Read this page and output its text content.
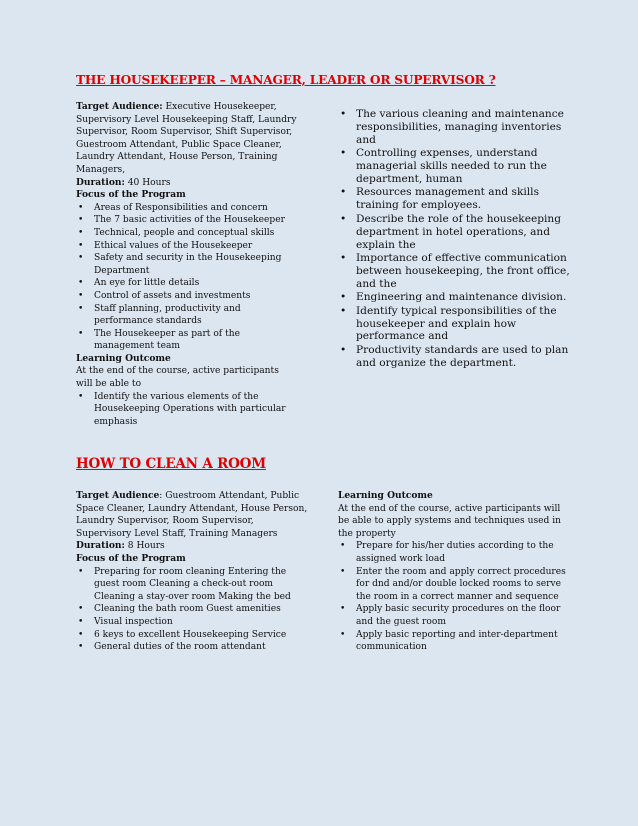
THE HOUSEKEEPER – MANAGER, LEADER OR SUPERVISOR ?

Target Audience: Executive Housekeeper, Supervisory Level Housekeeping Staff, Laundry Supervisor, Room Supervisor, Shift Supervisor, Guestroom Attendant, Public Space Cleaner, Laundry Attendant, House Person, Training Managers,

Duration: 40 Hours

Focus of the Program

• Areas of Responsibilities and concern
• The 7 basic activities of the Housekeeper
• Technical, people and conceptual skills
• Ethical values of the Housekeeper
• Safety and security in the Housekeeping Department
• An eye for little details
• Control of assets and investments
• Staff planning, productivity and performance standards
• The Housekeeper as part of the management team

Learning Outcome

At the end of the course, active participants will be able to

• Identify the various elements of the Housekeeping Operations with particular emphasis
• The various cleaning and maintenance responsibilities, managing inventories and
• Controlling expenses, understand managerial skills needed to run the department, human
• Resources management and skills training for employees.
• Describe the role of the housekeeping department in hotel operations, and explain the
• Importance of effective communication between housekeeping, the front office, and the
• Engineering and maintenance division.
• Identify typical responsibilities of the housekeeper and explain how performance and
• Productivity standards are used to plan and organize the department.
HOW TO CLEAN A ROOM

Target Audience: Guestroom Attendant, Public Space Cleaner, Laundry Attendant, House Person, Laundry Supervisor, Room Supervisor, Supervisory Level Staff, Training Managers

Duration: 8 Hours

Focus of the Program

• Preparing for room cleaning Entering the guest room Cleaning a check-out room Cleaning a stay-over room Making the bed
• Cleaning the bath room Guest amenities
• Visual inspection
• 6 keys to excellent Housekeeping Service
• General duties of the room attendant

Learning Outcome

At the end of the course, active participants will be able to apply systems and techniques used in the property

• Prepare for his/her duties according to the assigned work load
• Enter the room and apply correct procedures for dnd and/or double locked rooms to serve the room in a correct manner and sequence
• Apply basic security procedures on the floor and the guest room
• Apply basic reporting and inter-department communication
